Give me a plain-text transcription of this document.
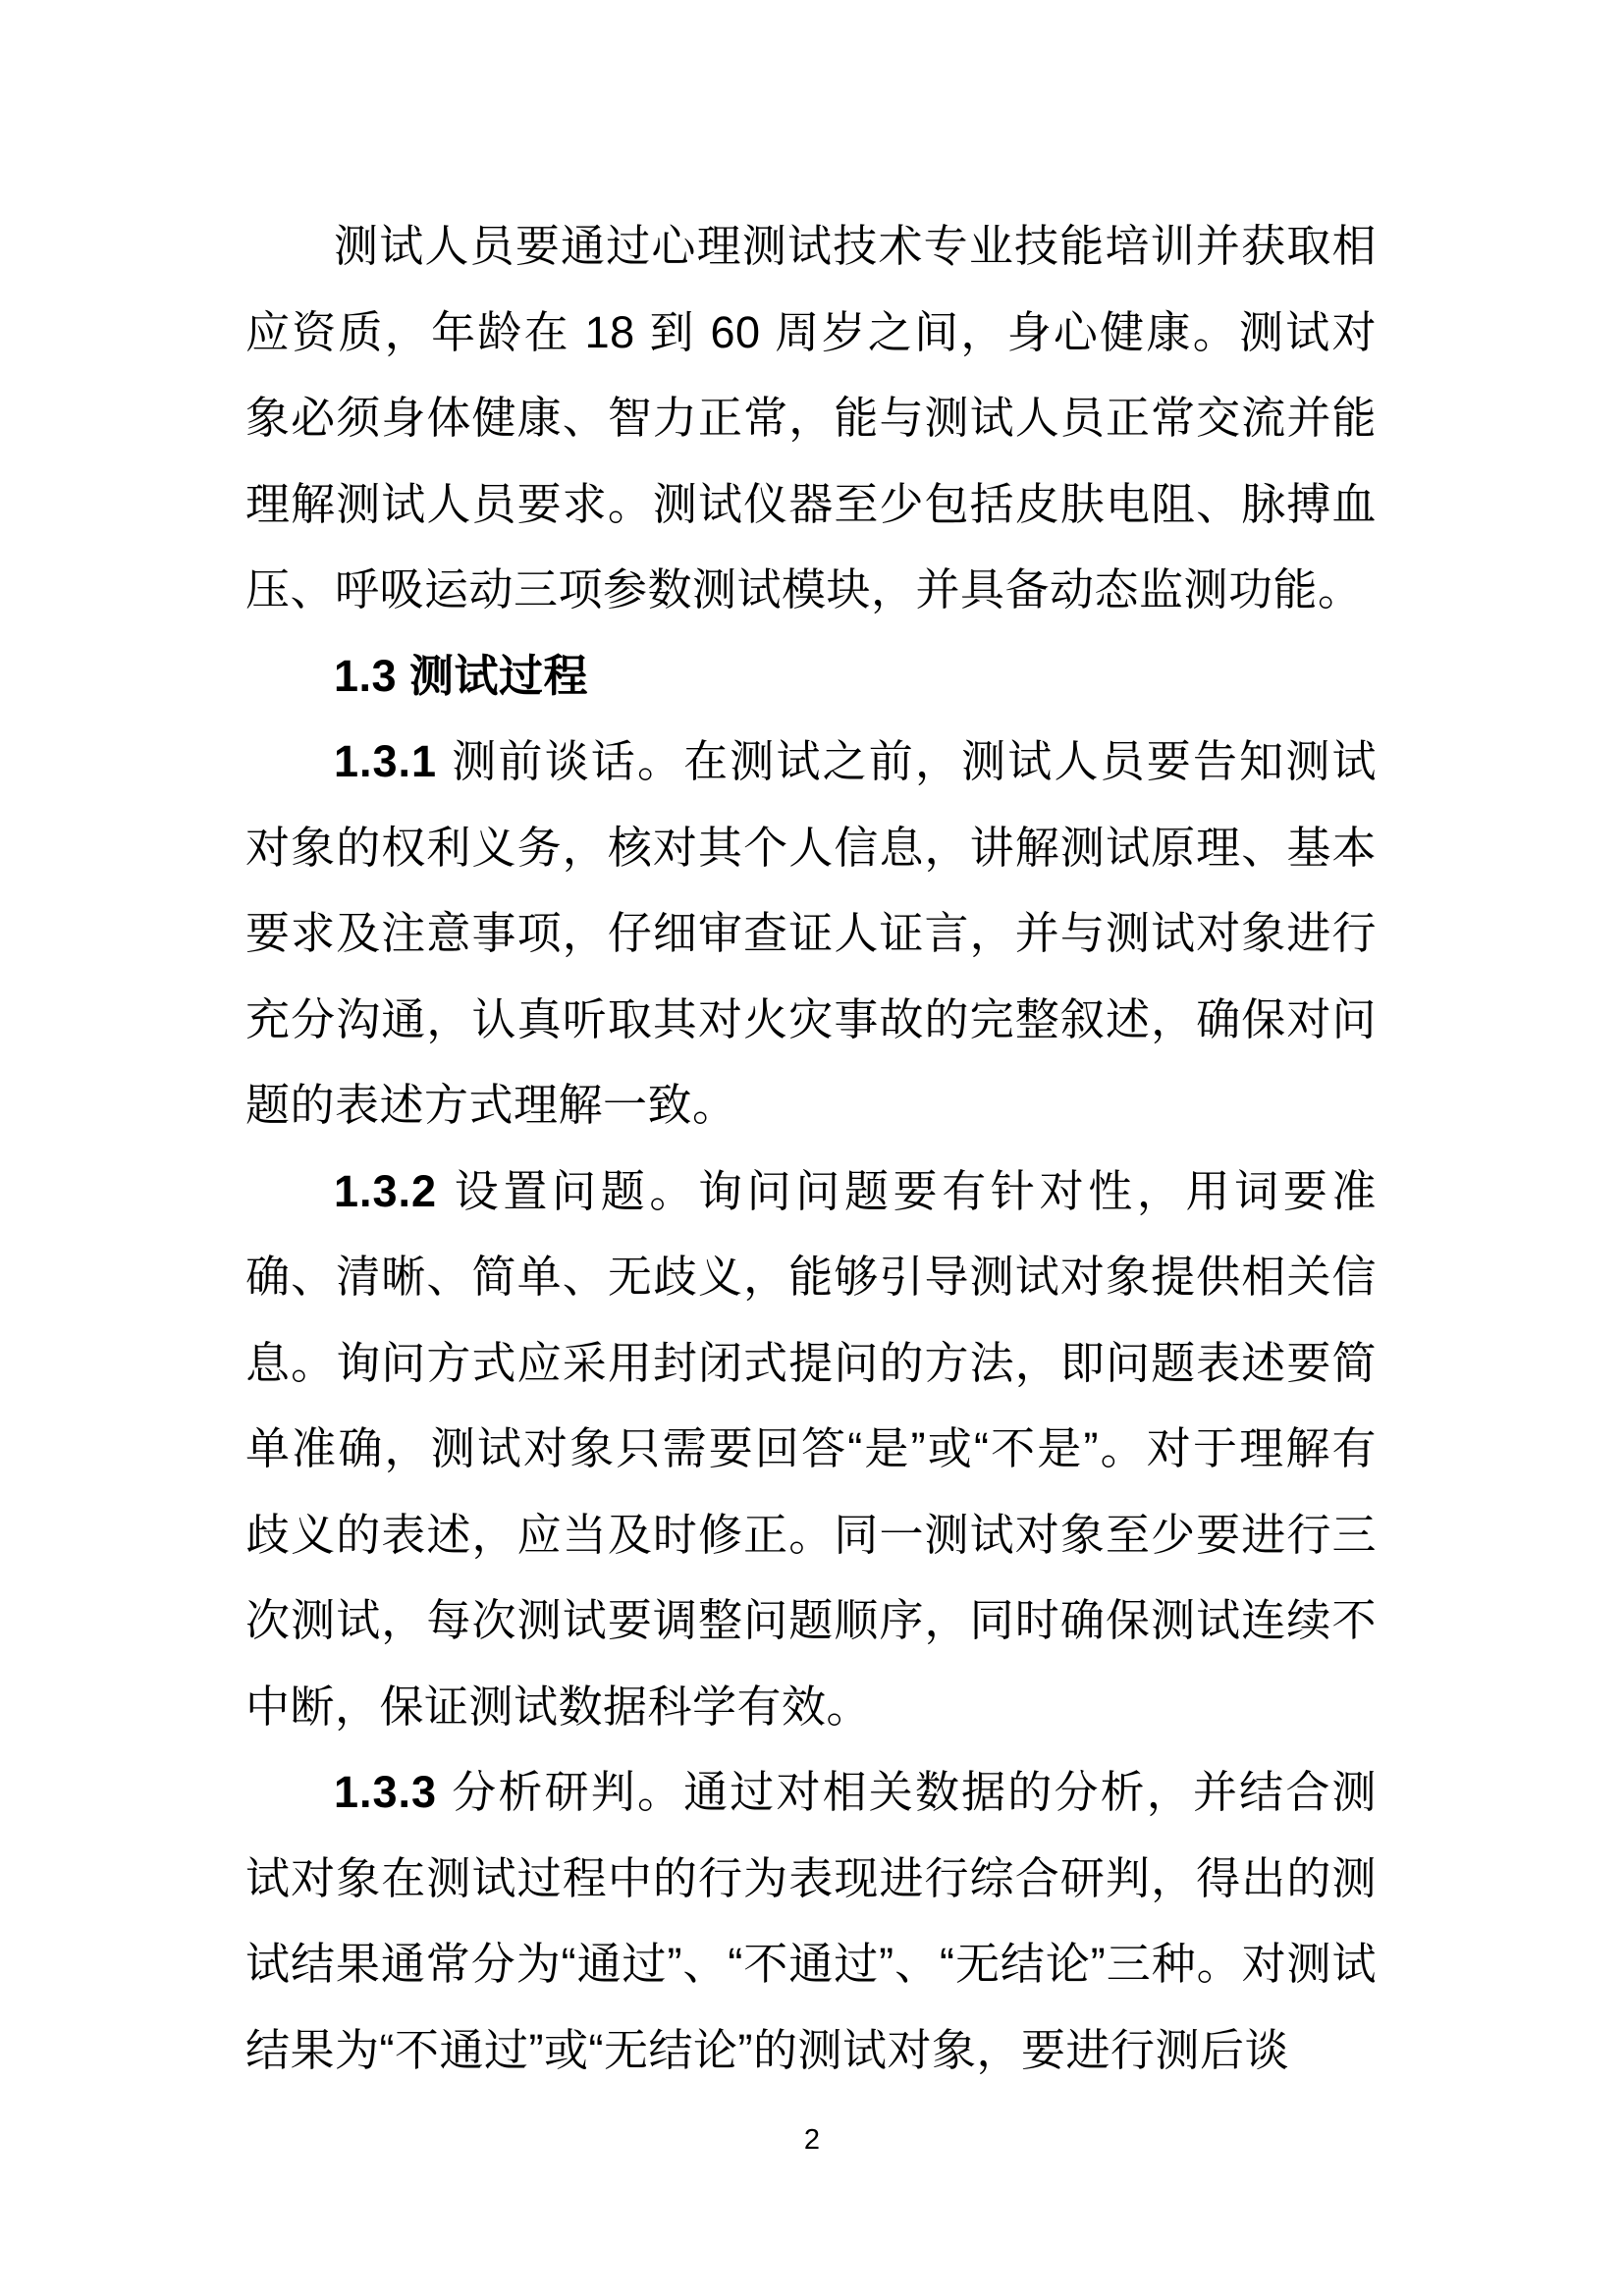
测试人员要通过心理测试技术专业技能培训并获取相应资质，年龄在 18 到 60 周岁之间，身心健康。测试对象必须身体健康、智力正常，能与测试人员正常交流并能理解测试人员要求。测试仪器至少包括皮肤电阻、脉搏血压、呼吸运动三项参数测试模块，并具备动态监测功能。

1.3 测试过程

1.3.1 测前谈话。在测试之前，测试人员要告知测试对象的权利义务，核对其个人信息，讲解测试原理、基本要求及注意事项，仔细审查证人证言，并与测试对象进行充分沟通，认真听取其对火灾事故的完整叙述，确保对问题的表述方式理解一致。

1.3.2 设置问题。询问问题要有针对性，用词要准确、清晰、简单、无歧义，能够引导测试对象提供相关信息。询问方式应采用封闭式提问的方法，即问题表述要简单准确，测试对象只需要回答“是”或“不是”。对于理解有歧义的表述，应当及时修正。同一测试对象至少要进行三次测试，每次测试要调整问题顺序，同时确保测试连续不中断，保证测试数据科学有效。

1.3.3 分析研判。通过对相关数据的分析，并结合测试对象在测试过程中的行为表现进行综合研判，得出的测试结果通常分为“通过”、“不通过”、“无结论”三种。对测试结果为“不通过”或“无结论”的测试对象，要进行测后谈

2
